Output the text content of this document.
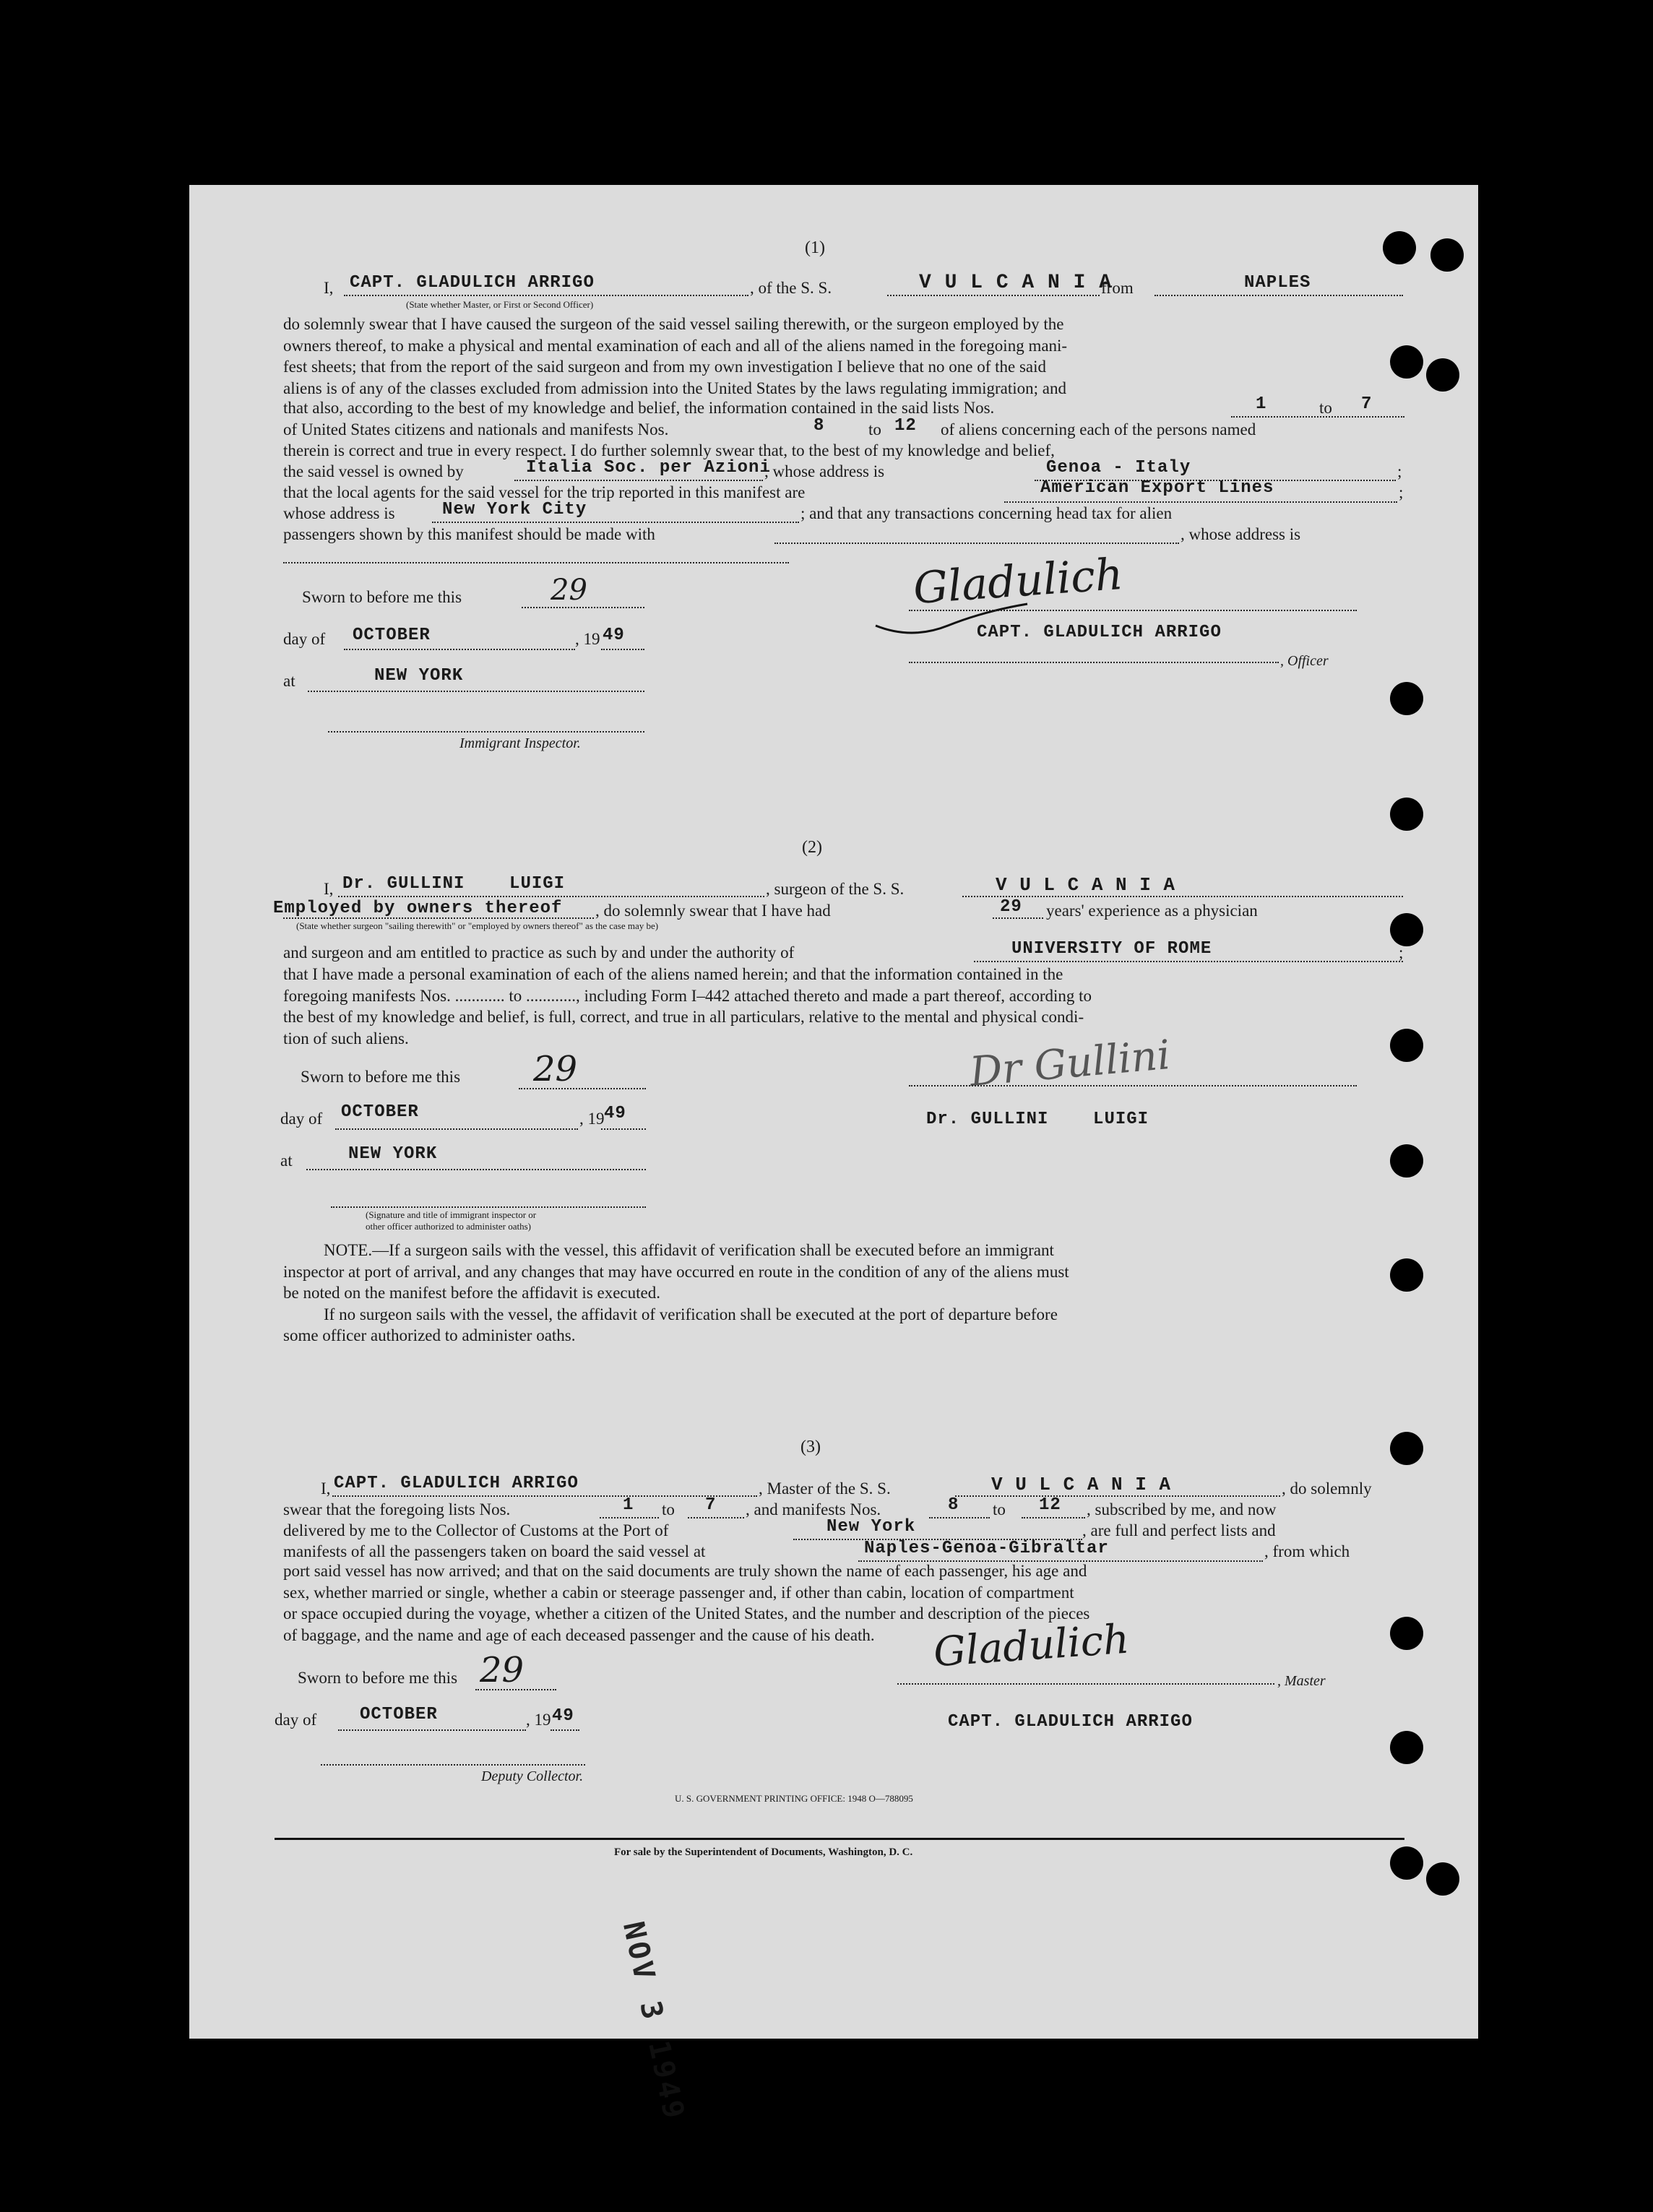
(1)
I, CAPT. GLADULICH ARRIGO
(State whether Master, or First or Second Officer)
, of the S. S.	V U L C A N I A
from	NAPLES
do solemnly swear that I have caused the surgeon of the said vessel sailing therewith, or the surgeon employed by the
owners thereof, to make a physical and mental examination of each and all of the aliens named in the foregoing mani-
fest sheets; that from the report of the said surgeon and from my own investigation I believe that no one of the said
aliens is of any of the classes excluded from admission into the United States by the laws regulating immigration; and
that also, according to the best of my knowledge and belief, the information contained in the said lists Nos.	1	to 7
of United States citizens and nationals and manifests Nos.	8	to 12 of aliens concerning each of the persons named
therein is correct and true in every respect. I do further solemnly swear that, to the best of my knowledge and belief,
the said vessel is owned by	Italia Soc. per Azioni
, whose address is	Genoa - Italy	;
that the local agents for the said vessel for the trip reported in this manifest are	American Export Lines	;
whose address is	New York City	; and that any transactions concerning head tax for alien
passengers shown by this manifest should be made with	, whose address is
Sworn to before me this	29
day of OCTOBER	, 19 49
at	NEW YORK
Immigrant Inspector.
Gladulich
CAPT. GLADULICH ARRIGO
, Officer
(2)
I, Dr. GULLINI    LUIGI	, surgeon of the S. S.	V U L C A N I A
Employed by owners thereof , do solemnly swear that I have had	29 years' experience as a physician
(State whether surgeon "sailing therewith" or "employed by owners thereof" as the case may be)
and surgeon and am entitled to practice as such by and under the authority of	UNIVERSITY OF ROME	;
that I have made a personal examination of each of the aliens named herein; and that the information contained in the
foregoing manifests Nos. ............ to ............, including Form I–442 attached thereto and made a part thereof, according to
the best of my knowledge and belief, is full, correct, and true in all particulars, relative to the mental and physical condi-
tion of such aliens.
Sworn to before me this 29
day of OCTOBER	, 19 49
at	NEW YORK
(Signature and title of immigrant inspector or
other officer authorized to administer oaths)
Dr Gullini
Dr. GULLINI    LUIGI
NOTE.—If a surgeon sails with the vessel, this affidavit of verification shall be executed before an immigrant
inspector at port of arrival, and any changes that may have occurred en route in the condition of any of the aliens must
be noted on the manifest before the affidavit is executed.
If no surgeon sails with the vessel, the affidavit of verification shall be executed at the port of departure before
some officer authorized to administer oaths.
(3)
I, CAPT. GLADULICH ARRIGO	, Master of the S. S.	V U L C A N I A	, do solemnly
swear that the foregoing lists Nos.	1 to 7 , and manifests Nos.	8 to 12 , subscribed by me, and now
delivered by me to the Collector of Customs at the Port of	New York	, are full and perfect lists and
manifests of all the passengers taken on board the said vessel at	Naples-Genoa-Gibraltar	, from which
port said vessel has now arrived; and that on the said documents are truly shown the name of each passenger, his age and
sex, whether married or single, whether a cabin or steerage passenger and, if other than cabin, location of compartment
or space occupied during the voyage, whether a citizen of the United States, and the number and description of the pieces
of baggage, and the name and age of each deceased passenger and the cause of his death.
Sworn to before me this 29
day of OCTOBER	, 19 49
Deputy Collector.
Gladulich
, Master
CAPT. GLADULICH ARRIGO
U. S. GOVERNMENT PRINTING OFFICE: 1948 O—788095
For sale by the Superintendent of Documents, Washington, D. C.
NOV 3 1949
